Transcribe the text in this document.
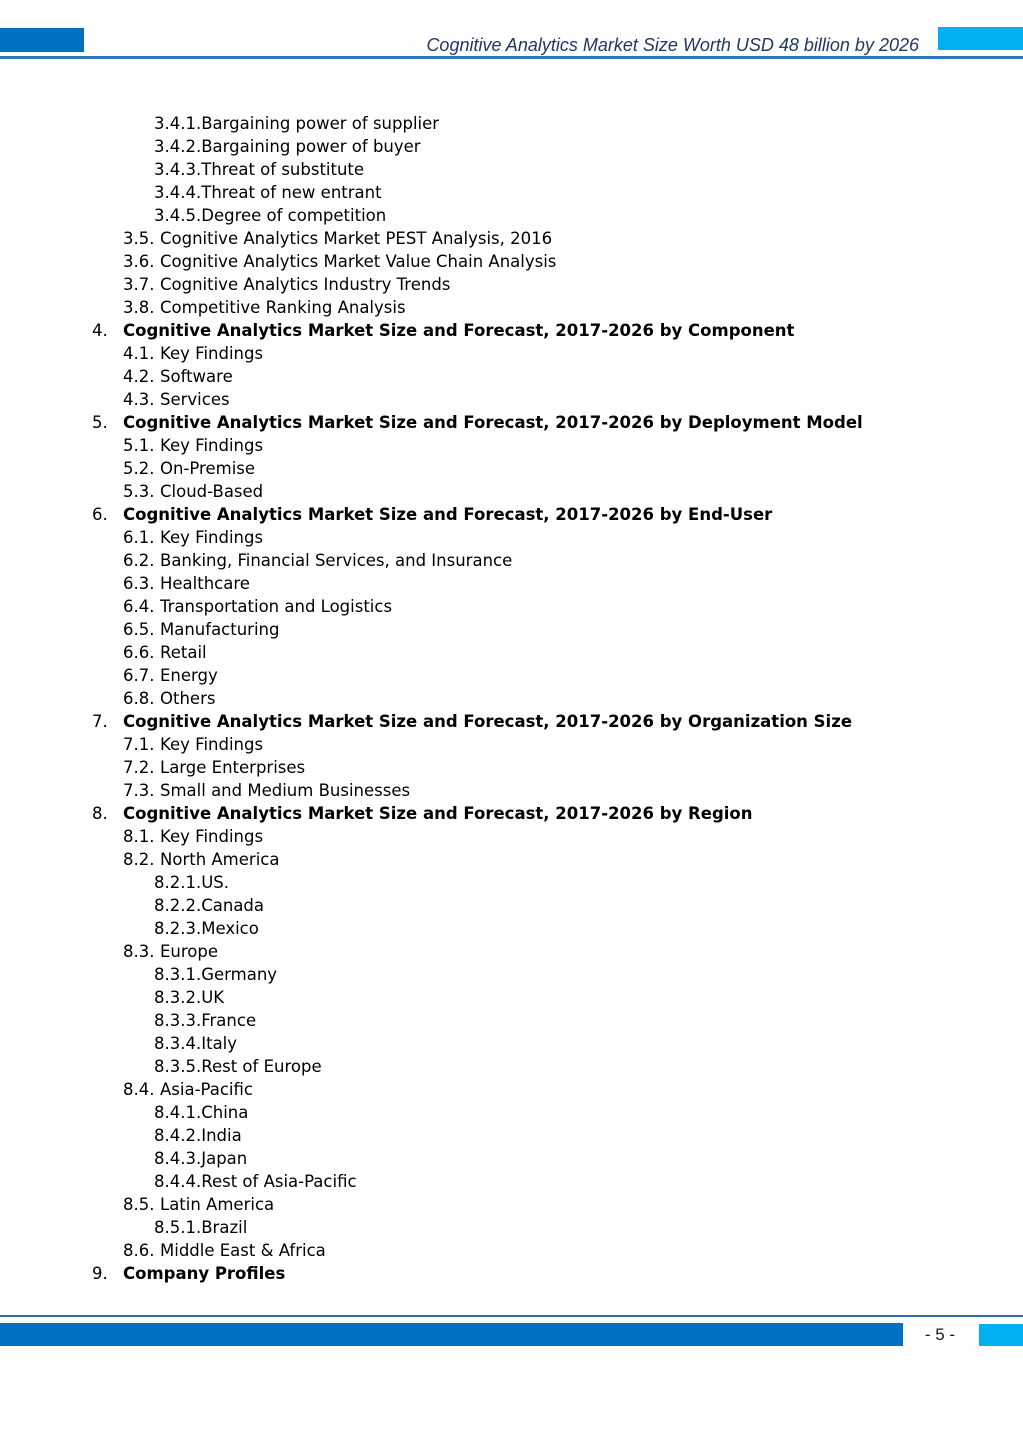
Cognitive Analytics Market Size Worth USD 48 billion by 2026
3.4.1.Bargaining power of supplier
3.4.2.Bargaining power of buyer
3.4.3.Threat of substitute
3.4.4.Threat of new entrant
3.4.5.Degree of competition
3.5. Cognitive Analytics Market PEST Analysis, 2016
3.6. Cognitive Analytics Market Value Chain Analysis
3.7. Cognitive Analytics Industry Trends
3.8. Competitive Ranking Analysis
4. Cognitive Analytics Market Size and Forecast, 2017-2026 by Component
4.1. Key Findings
4.2. Software
4.3. Services
5. Cognitive Analytics Market Size and Forecast, 2017-2026 by Deployment Model
5.1. Key Findings
5.2. On-Premise
5.3. Cloud-Based
6. Cognitive Analytics Market Size and Forecast, 2017-2026 by End-User
6.1. Key Findings
6.2. Banking, Financial Services, and Insurance
6.3. Healthcare
6.4. Transportation and Logistics
6.5. Manufacturing
6.6. Retail
6.7. Energy
6.8. Others
7. Cognitive Analytics Market Size and Forecast, 2017-2026 by Organization Size
7.1. Key Findings
7.2. Large Enterprises
7.3. Small and Medium Businesses
8. Cognitive Analytics Market Size and Forecast, 2017-2026 by Region
8.1. Key Findings
8.2. North America
8.2.1.US.
8.2.2.Canada
8.2.3.Mexico
8.3. Europe
8.3.1.Germany
8.3.2.UK
8.3.3.France
8.3.4.Italy
8.3.5.Rest of Europe
8.4. Asia-Pacific
8.4.1.China
8.4.2.India
8.4.3.Japan
8.4.4.Rest of Asia-Pacific
8.5. Latin America
8.5.1.Brazil
8.6. Middle East & Africa
9. Company Profiles
- 5 -
